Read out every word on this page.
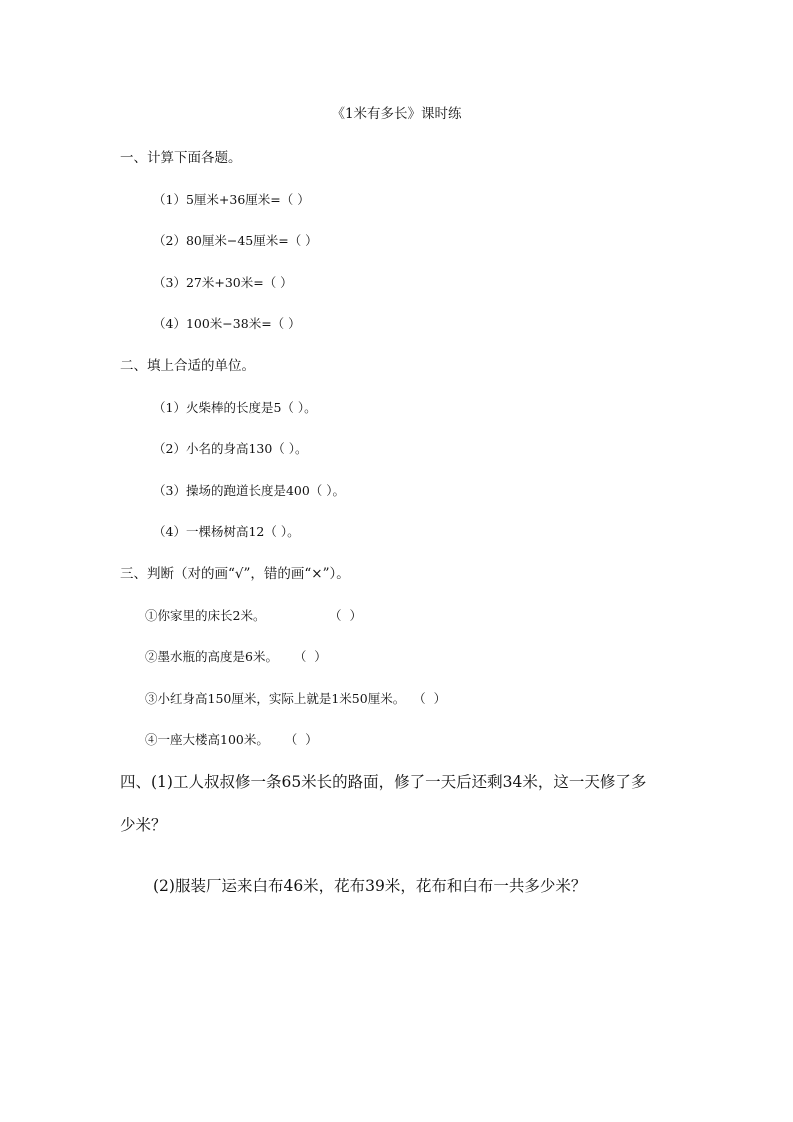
《1米有多长》课时练
一、计算下面各题。
（1）5厘米+36厘米=（ ）
（2）80厘米−45厘米=（ ）
（3）27米+30米=（ ）
（4）100米−38米=（ ）
二、填上合适的单位。
（1）火柴棒的长度是5（ ）。
（2）小名的身高130（ ）。
（3）操场的跑道长度是400（ ）。
（4）一棵杨树高12（ ）。
三、判断（对的画“√”，错的画“×”）。
①你家里的床长2米。                （  ）
②墨水瓶的高度是6米。    （  ）
③小红身高150厘米，实际上就是1米50厘米。  （  ）
④一座大楼高100米。    （  ）
四、(1)工人叔叔修一条65米长的路面，修了一天后还剩34米，这一天修了多
少米？
(2)服装厂运来白布46米，花布39米，花布和白布一共多少米？
